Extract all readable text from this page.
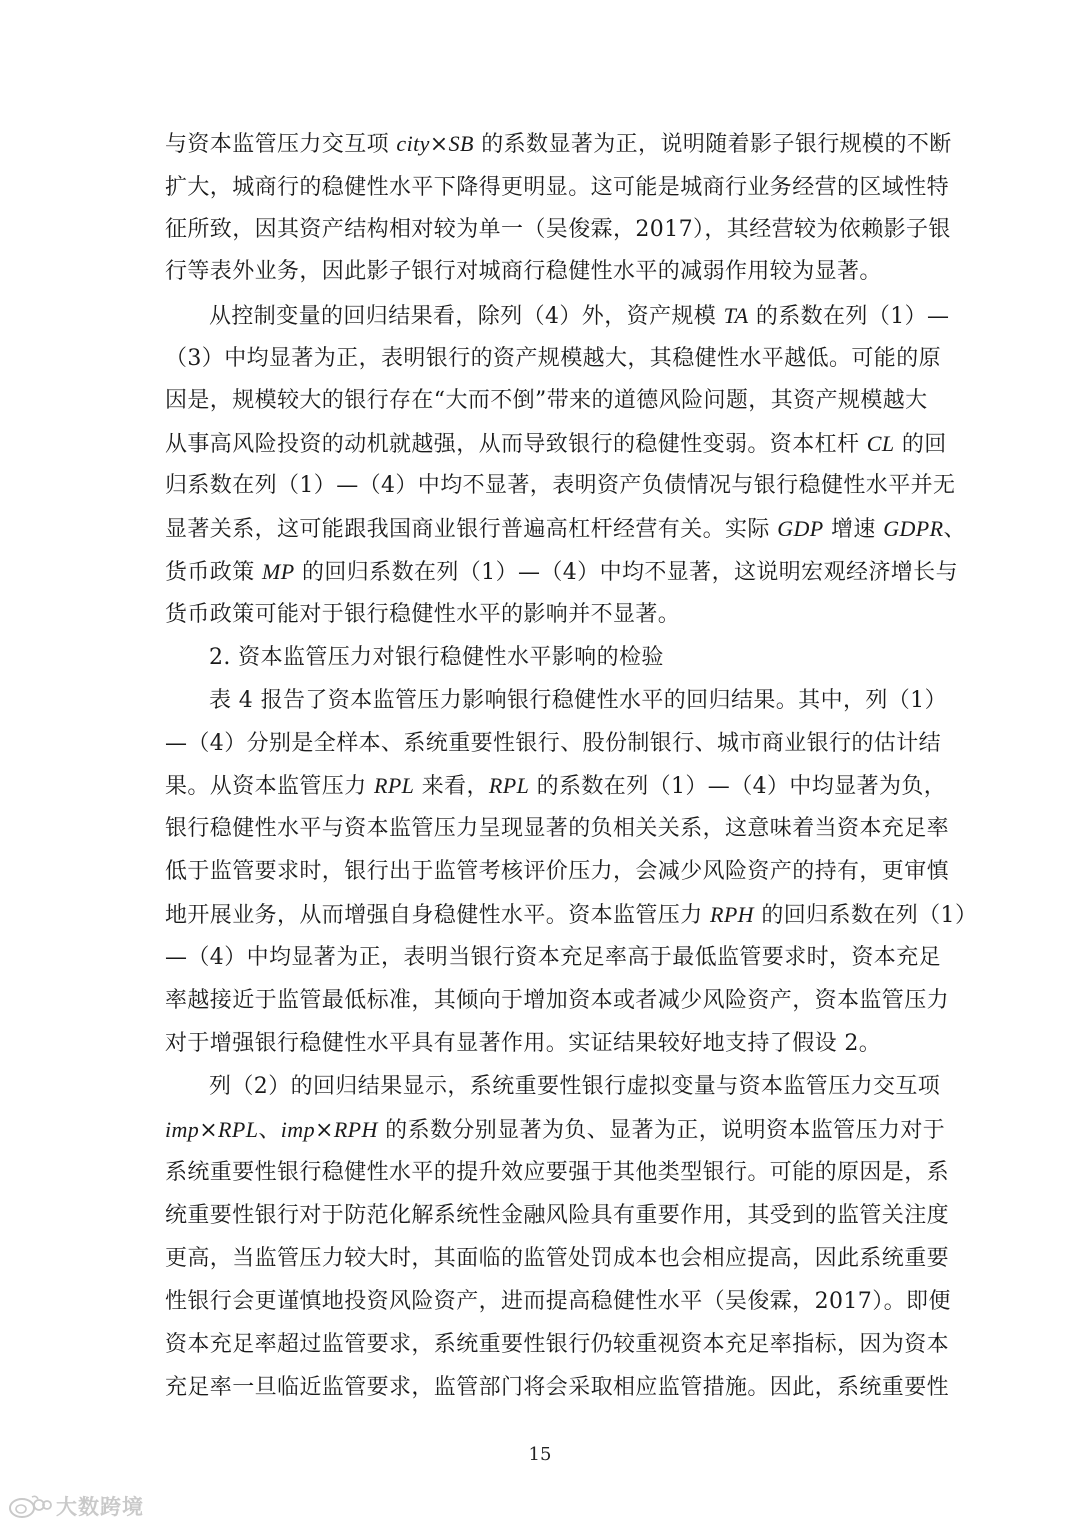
与资本监管压力交互项 city×SB 的系数显著为正，说明随着影子银行规模的不断
扩大，城商行的稳健性水平下降得更明显。这可能是城商行业务经营的区域性特
征所致，因其资产结构相对较为单一（吴俊霖，2017），其经营较为依赖影子银
行等表外业务，因此影子银行对城商行稳健性水平的减弱作用较为显著。
从控制变量的回归结果看，除列（4）外，资产规模 TA 的系数在列（1）—
（3）中均显著为正，表明银行的资产规模越大，其稳健性水平越低。可能的原
因是，规模较大的银行存在“大而不倒”带来的道德风险问题，其资产规模越大
从事高风险投资的动机就越强，从而导致银行的稳健性变弱。资本杠杆 CL 的回
归系数在列（1）—（4）中均不显著，表明资产负债情况与银行稳健性水平并无
显著关系，这可能跟我国商业银行普遍高杠杆经营有关。实际 GDP 增速 GDPR、
货币政策 MP 的回归系数在列（1）—（4）中均不显著，这说明宏观经济增长与
货币政策可能对于银行稳健性水平的影响并不显著。
2. 资本监管压力对银行稳健性水平影响的检验
表 4 报告了资本监管压力影响银行稳健性水平的回归结果。其中，列（1）
—（4）分别是全样本、系统重要性银行、股份制银行、城市商业银行的估计结
果。从资本监管压力 RPL 来看，RPL 的系数在列（1）—（4）中均显著为负，
银行稳健性水平与资本监管压力呈现显著的负相关关系，这意味着当资本充足率
低于监管要求时，银行出于监管考核评价压力，会减少风险资产的持有，更审慎
地开展业务，从而增强自身稳健性水平。资本监管压力 RPH 的回归系数在列（1）
—（4）中均显著为正，表明当银行资本充足率高于最低监管要求时，资本充足
率越接近于监管最低标准，其倾向于增加资本或者减少风险资产，资本监管压力
对于增强银行稳健性水平具有显著作用。实证结果较好地支持了假设 2。
列（2）的回归结果显示，系统重要性银行虚拟变量与资本监管压力交互项
imp×RPL、imp×RPH 的系数分别显著为负、显著为正，说明资本监管压力对于
系统重要性银行稳健性水平的提升效应要强于其他类型银行。可能的原因是，系
统重要性银行对于防范化解系统性金融风险具有重要作用，其受到的监管关注度
更高，当监管压力较大时，其面临的监管处罚成本也会相应提高，因此系统重要
性银行会更谨慎地投资风险资产，进而提高稳健性水平（吴俊霖，2017）。即便
资本充足率超过监管要求，系统重要性银行仍较重视资本充足率指标，因为资本
充足率一旦临近监管要求，监管部门将会采取相应监管措施。因此，系统重要性
15
大数跨境
